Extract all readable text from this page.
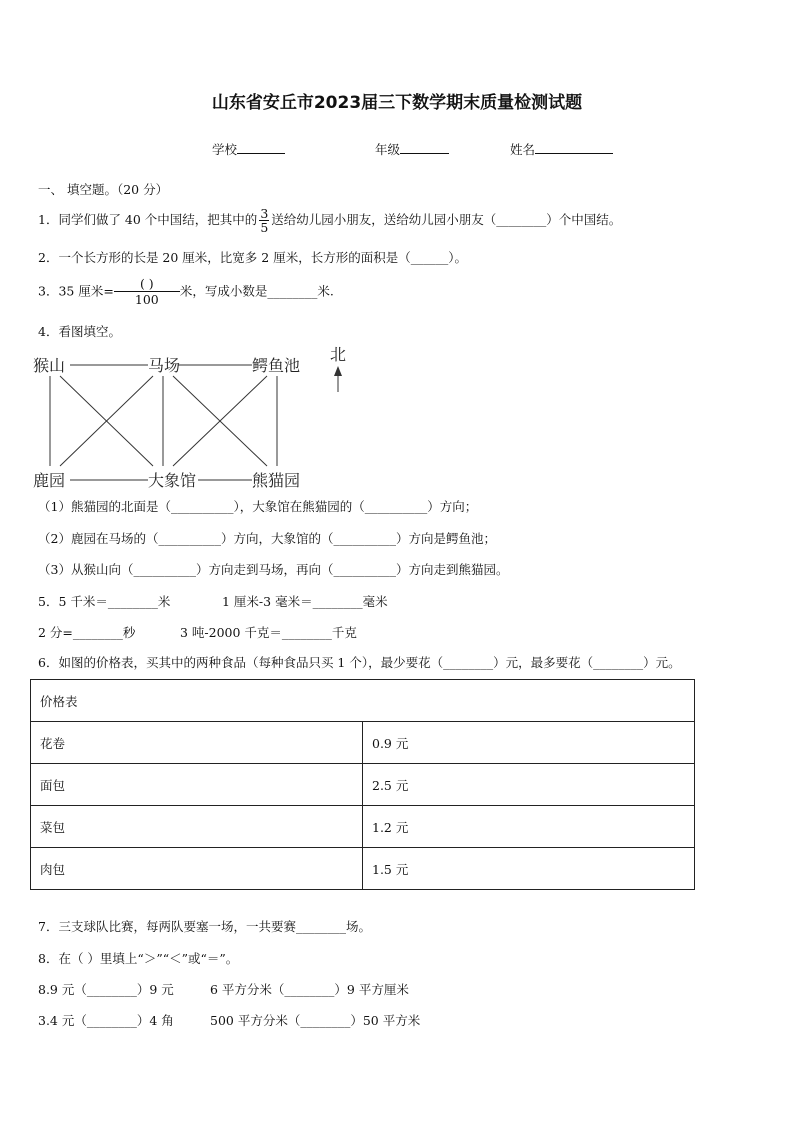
山东省安丘市2023届三下数学期末质量检测试题
学校	年级	姓名
一、 填空题。（20 分）
1．同学们做了 40 个中国结，把其中的 $\frac{3}{5}$ 送给幼儿园小朋友，送给幼儿园小朋友（________）个中国结。
2．一个长方形的长是 20 厘米，比宽多 2 厘米，长方形的面积是（______）。
3．35 厘米=	( )
100
米，写成小数是________米.
4．看图填空。
猴山	马场	鳄鱼池
鹿园	大象馆	熊猫园
北
（1）熊猫园的北面是（__________），大象馆在熊猫园的（__________）方向；
（2）鹿园在马场的（__________）方向，大象馆的（__________）方向是鳄鱼池；
（3）从猴山向（__________）方向走到马场，再向（__________）方向走到熊猫园。
5．5 千米＝________米	1 厘米-3 毫米＝________毫米
2 分=________秒	3 吨-2000 千克＝________千克
6．如图的价格表，买其中的两种食品（每种食品只买 1 个），最少要花（________）元，最多要花（________）元。
价格表	
花卷	0.9 元
面包	2.5 元
菜包	1.2 元
肉包	1.5 元
7．三支球队比赛，每两队要塞一场，一共要赛________场。
8．在（ ）里填上“＞”“＜”或“＝”。
8.9 元（________）9 元	6 平方分米（________）9 平方厘米
3.4 元（________）4 角	500 平方分米（________）50 平方米
